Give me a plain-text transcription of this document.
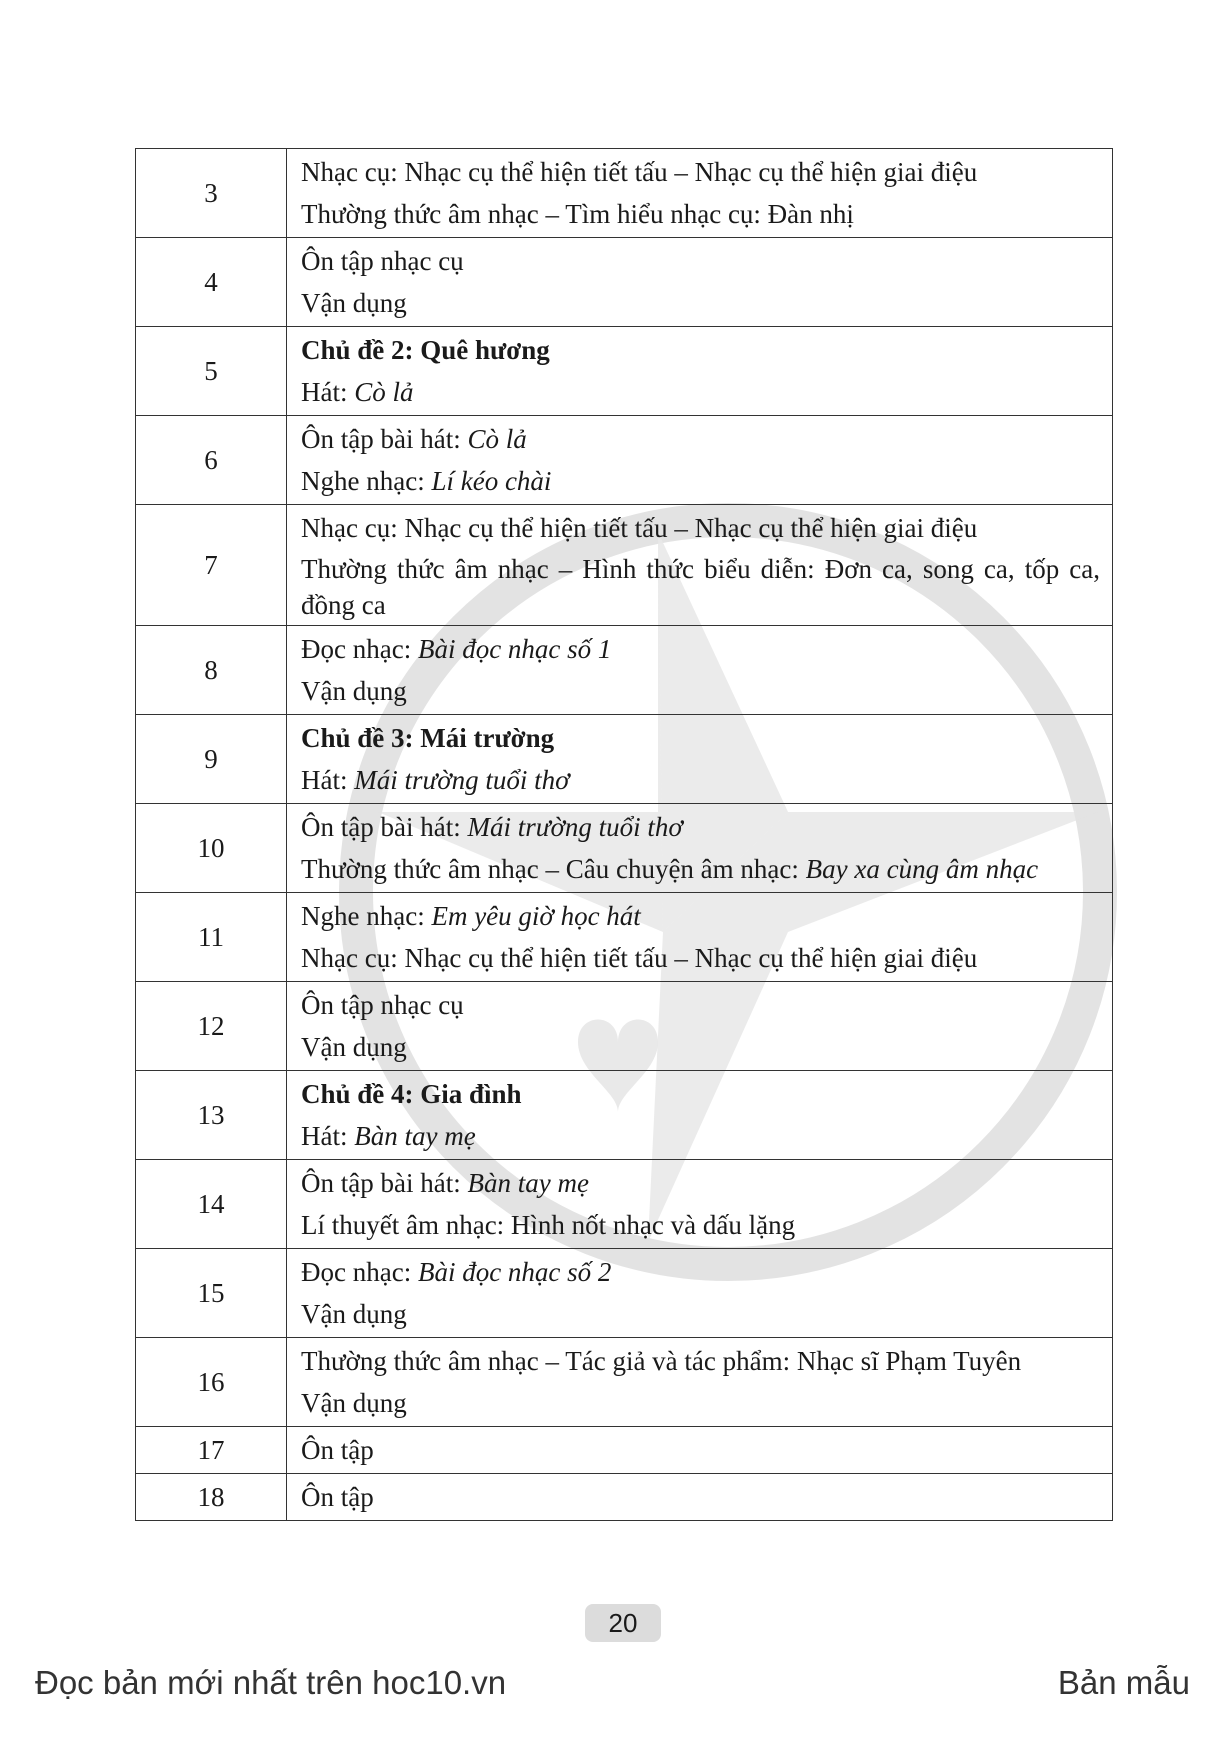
3	Nhạc cụ: Nhạc cụ thể hiện tiết tấu – Nhạc cụ thể hiện giai điệu
Thường thức âm nhạc – Tìm hiểu nhạc cụ: Đàn nhị

4	Ôn tập nhạc cụ
Vận dụng

5	Chủ đề 2: Quê hương
Hát: Cò lả

6	Ôn tập bài hát: Cò lả
Nghe nhạc: Lí kéo chài

7	Nhạc cụ: Nhạc cụ thể hiện tiết tấu – Nhạc cụ thể hiện giai điệu
Thường thức âm nhạc – Hình thức biểu diễn: Đơn ca, song ca, tốp ca, đồng ca

8	Đọc nhạc: Bài đọc nhạc số 1
Vận dụng

9	Chủ đề 3: Mái trường
Hát: Mái trường tuổi thơ

10	Ôn tập bài hát: Mái trường tuổi thơ
Thường thức âm nhạc – Câu chuyện âm nhạc: Bay xa cùng âm nhạc

11	Nghe nhạc: Em yêu giờ học hát
Nhạc cụ: Nhạc cụ thể hiện tiết tấu – Nhạc cụ thể hiện giai điệu

12	Ôn tập nhạc cụ
Vận dụng

13	Chủ đề 4: Gia đình
Hát: Bàn tay mẹ

14	Ôn tập bài hát: Bàn tay mẹ
Lí thuyết âm nhạc: Hình nốt nhạc và dấu lặng

15	Đọc nhạc: Bài đọc nhạc số 2
Vận dụng

16	Thường thức âm nhạc – Tác giả và tác phẩm: Nhạc sĩ Phạm Tuyên
Vận dụng

17	Ôn tập

18	Ôn tập
20
Đọc bản mới nhất trên hoc10.vn	Bản mẫu
